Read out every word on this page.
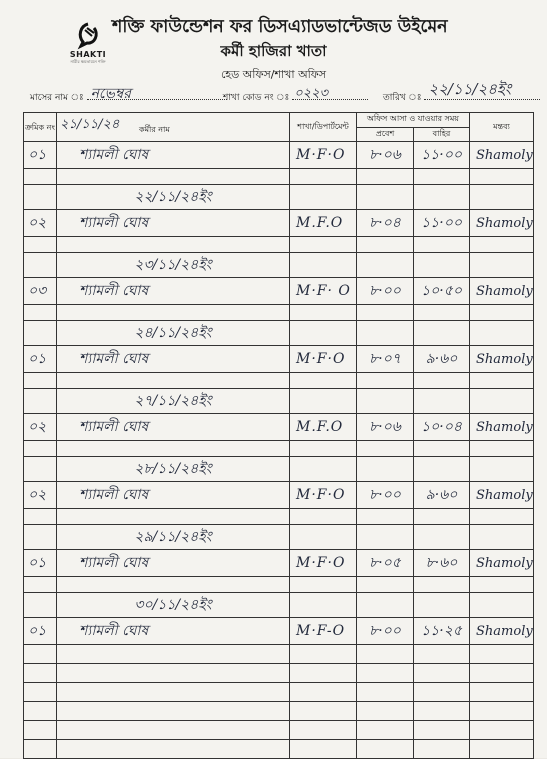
SHAKTI
নারীর ক্ষমতায়নে শক্তি
শক্তি ফাউন্ডেশন ফর ডিসএ্যাডভান্টেজড উইমেন
কর্মী হাজিরা খাতা
হেড অফিস/শাখা অফিস
মাসের নাম ঃ নভেম্বর	শাখা কোড নং ঃ ০২২৩	তারিখ ঃ ২২/১১/২৪ইং
ক্রমিক নং	২১/১১/২৪ কর্মীর নাম	শাখা/ডিপার্টমেন্ট	অফিস আসা ও যাওয়ার সময়		মন্তব্য
			প্রবেশ	বাহির	
০১	শ্যামলী ঘোষ	M·F·O	৮·০৬	১১·০০	Shamoly

	২২/১১/২৪ইং				
০২	শ্যামলী ঘোষ	M.F.O	৮·০৪	১১·০০	Shamoly

	২৩/১১/২৪ইং				
০৩	শ্যামলী ঘোষ	M·F· O	৮·০০	১০·৫০	Shamoly

	২৪/১১/২৪ইং				
০১	শ্যামলী ঘোষ	M·F·O	৮·০৭	৯·৬০	Shamoly

	২৭/১১/২৪ইং				
০২	শ্যামলী ঘোষ	M.F.O	৮·০৬	১০·০৪	Shamoly

	২৮/১১/২৪ইং				
০২	শ্যামলী ঘোষ	M·F·O	৮·০০	৯·৬০	Shamoly

	২৯/১১/২৪ইং				
০১	শ্যামলী ঘোষ	M·F·O	৮·০৫	৮·৬০	Shamoly

	৩০/১১/২৪ইং				
০১	শ্যামলী ঘোষ	M·F-O	৮·০০	১১·২৫	Shamoly
